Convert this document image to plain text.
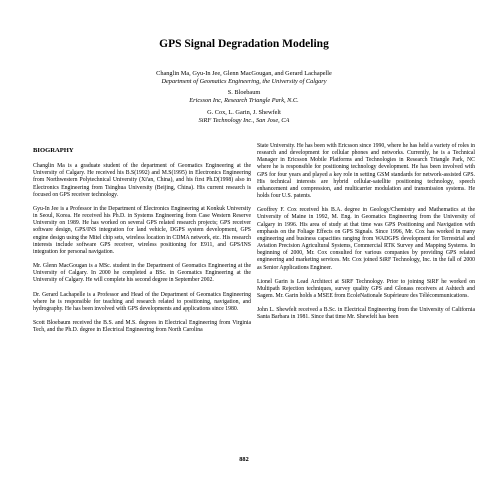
GPS Signal Degradation Modeling
Changlin Ma, Gyu-In Jee, Glenn MacGougan, and Gerard Lachapelle
Department of Geomatics Engineering, the University of Calgary
S. Bloebaum
Ericsson Inc, Research Triangle Park, N.C.
G. Cox, L. Garin, J. Shewfelt
SiRF Technology Inc., San Jose, CA
BIOGRAPHY

Changlin Ma is a graduate student of the department of Geomatics Engineering at the University of Calgary. He received his B.S(1992) and M.S(1995) in Electronics Engineering from Northwestern Polytechnical University (Xi'an, China), and his first Ph.D(1998) also in Electronics Engineering from Tsinghua University (Beijing, China). His current research is focused on GPS receiver technology.

Gyu-In Jee is a Professor in the Department of Electronics Engineering at Konkuk University in Seoul, Korea. He received his Ph.D. in Systems Engineering from Case Western Reserve University on 1989. He has worked on several GPS related research projects; GPS receiver software design, GPS/INS integration for land vehicle, DGPS system development, GPS engine design using the Mitel chip sets, wireless location in CDMA network, etc. His research interests include software GPS receiver, wireless positioning for E911, and GPS/INS integration for personal navigation.

Mr. Glenn MacGougan is a MSc. student in the Department of Geomatics Engineering at the University of Calgary. In 2000 he completed a BSc. in Geomatics Engineering at the University of Calgary. He will complete his second degree in September 2002.

Dr. Gerard Lachapelle is a Professor and Head of the Department of Geomatics Engineering where he is responsible for teaching and research related to positioning, navigation, and hydrography. He has been involved with GPS developments and applications since 1980.

Scott Bloebaum received the B.S. and M.S. degrees in Electrical Engineering from Virginia Tech, and the Ph.D. degree in Electrical Engineering from North Carolina

State University. He has been with Ericsson since 1990, where he has held a variety of roles in research and development for cellular phones and networks. Currently, he is a Technical Manager in Ericsson Mobile Platforms and Technologies in Research Triangle Park, NC where he is responsible for positioning technology development. He has been involved with GPS for four years and played a key role in setting GSM standards for network-assisted GPS. His technical interests are hybrid cellular-satellite positioning technology, speech enhancement and compression, and multicarrier modulation and transmission systems. He holds four U.S. patents.

Geoffrey F. Cox received his B.A. degree in Geology/Chemistry and Mathematics at the University of Maine in 1992, M. Eng. in Geomatics Engineering from the University of Calgary in 1996. His area of study at that time was GPS Positioning and Navigation with emphasis on the Foliage Effects on GPS Signals. Since 1996, Mr. Cox has worked in many engineering and business capacities ranging from WADGPS development for Terrestrial and Aviation Precision Agricultural Systems, Commercial RTK Survey and Mapping Systems. In beginning of 2000, Mr. Cox consulted for various companies by providing GPS related engineering and marketing services. Mr. Cox joined SiRF Technology, Inc. in the fall of 2000 as Senior Applications Engineer.

Lionel Garin is Lead Architect at SiRF Technology. Prior to joining SiRF he worked on Multipath Rejection techniques, survey quality GPS and Glonass receivers at Ashtech and Sagem. Mr. Garin holds a MSEE from EcoleNationale Supérieure des Télécommunications.

John L. Shewfelt received a B.Sc. in Electrical Engineering from the University of California Santa Barbara in 1981. Since that time Mr. Shewfelt has been

882
